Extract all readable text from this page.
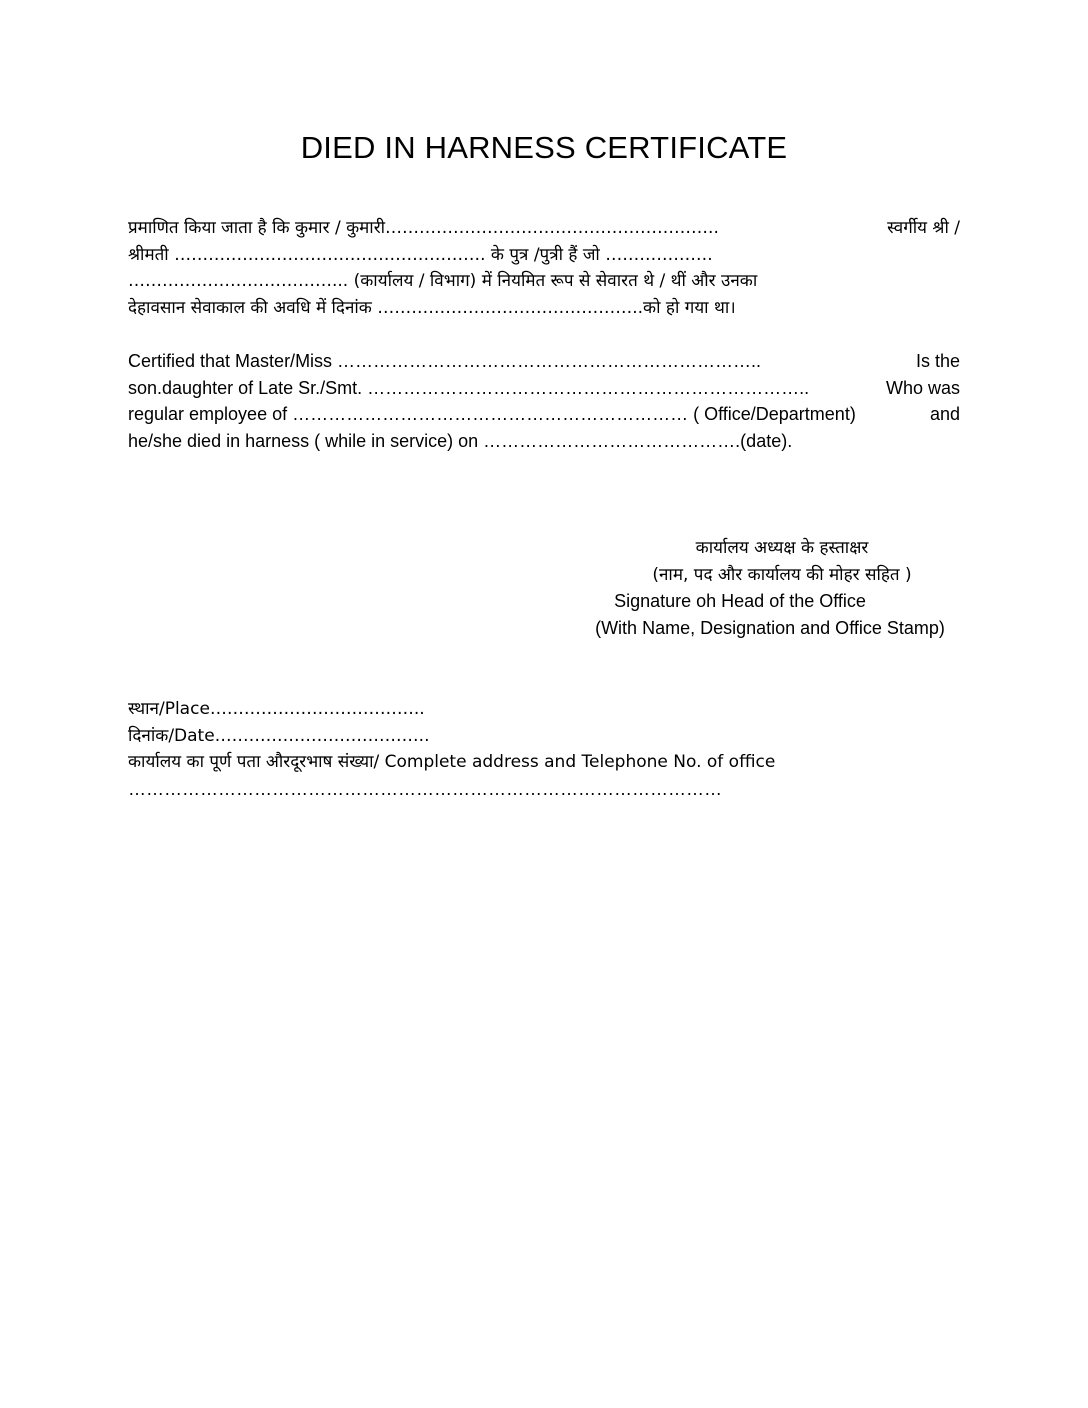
DIED IN HARNESS CERTIFICATE
प्रमाणित किया जाता है कि कुमार / कुमारी…………………………………………………..	स्वर्गीय श्री /
श्रीमती ………………………………………………. के पुत्र /पुत्री हैं जो ……………….
………………………………... (कार्यालय / विभाग) में नियमित रूप से सेवारत थे / थीं और उनका
देहावसान सेवाकाल की अवधि में दिनांक ………………………………………..को हो गया था।
Certified that Master/Miss ……………………………………………………………..	Is the
son.daughter of Late Sr./Smt. ………………………………………………………………..	Who was
regular employee of ………………………………………………………… ( Office/Department)	and
he/she died in harness ( while in service) on …………………………………….(date).
कार्यालय अध्यक्ष के हस्ताक्षर
(नाम, पद और कार्यालय की मोहर सहित )
Signature oh Head of the Office
(With Name, Designation and Office Stamp)
स्थान/Place………………………………..
दिनांक/Date………………………………..
कार्यालय का पूर्ण पता औरदूरभाष संख्या/ Complete address and Telephone No. of office
………………………………………………………………………………………
